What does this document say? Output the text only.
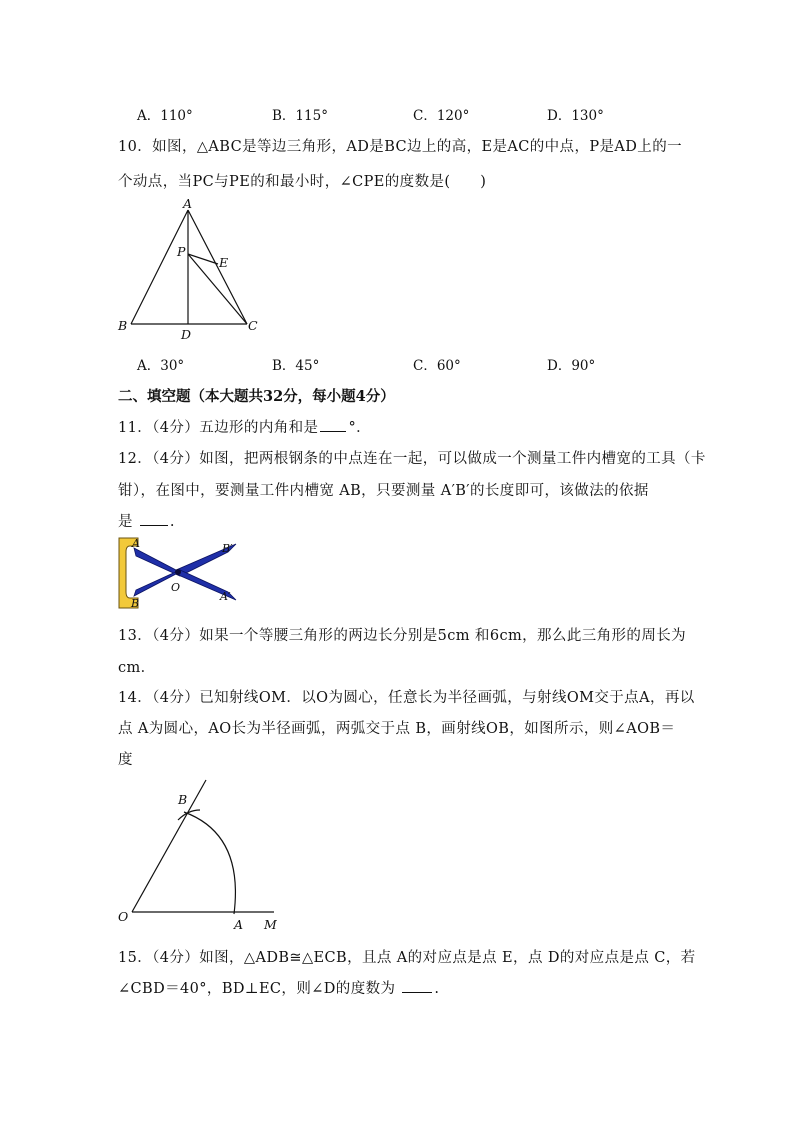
A．110°	B．115°	C．120°	D．130°
10．如图，△ABC是等边三角形，AD是BC边上的高，E是AC的中点，P是AD上的一
个动点，当PC与PE的和最小时，∠CPE的度数是(　　)
A
B	C
D
P
E
A．30°	B．45°	C．60°	D．90°
二、填空题（本大题共32分，每小题4分）
11．（4分）五边形的内角和是 °．
12．（4分）如图，把两根钢条的中点连在一起，可以做成一个测量工件内槽宽的工具（卡
钳），在图中，要测量工件内槽宽 AB，只要测量 A′B′的长度即可，该做法的依据
是	.
A
B
O
B′
A′
13．（4分）如果一个等腰三角形的两边长分别是5cm 和6cm，那么此三角形的周长为
cm．
14．（4分）已知射线OM．以O为圆心，任意长为半径画弧，与射线OM交于点A，再以
点 A为圆心，AO长为半径画弧，两弧交于点 B，画射线OB，如图所示，则∠AOB＝
度
B
O
A M
15．（4分）如图，△ADB≅△ECB，且点 A的对应点是点 E，点 D的对应点是点 C，若
∠CBD＝40°，BD⊥EC，则∠D的度数为	.
